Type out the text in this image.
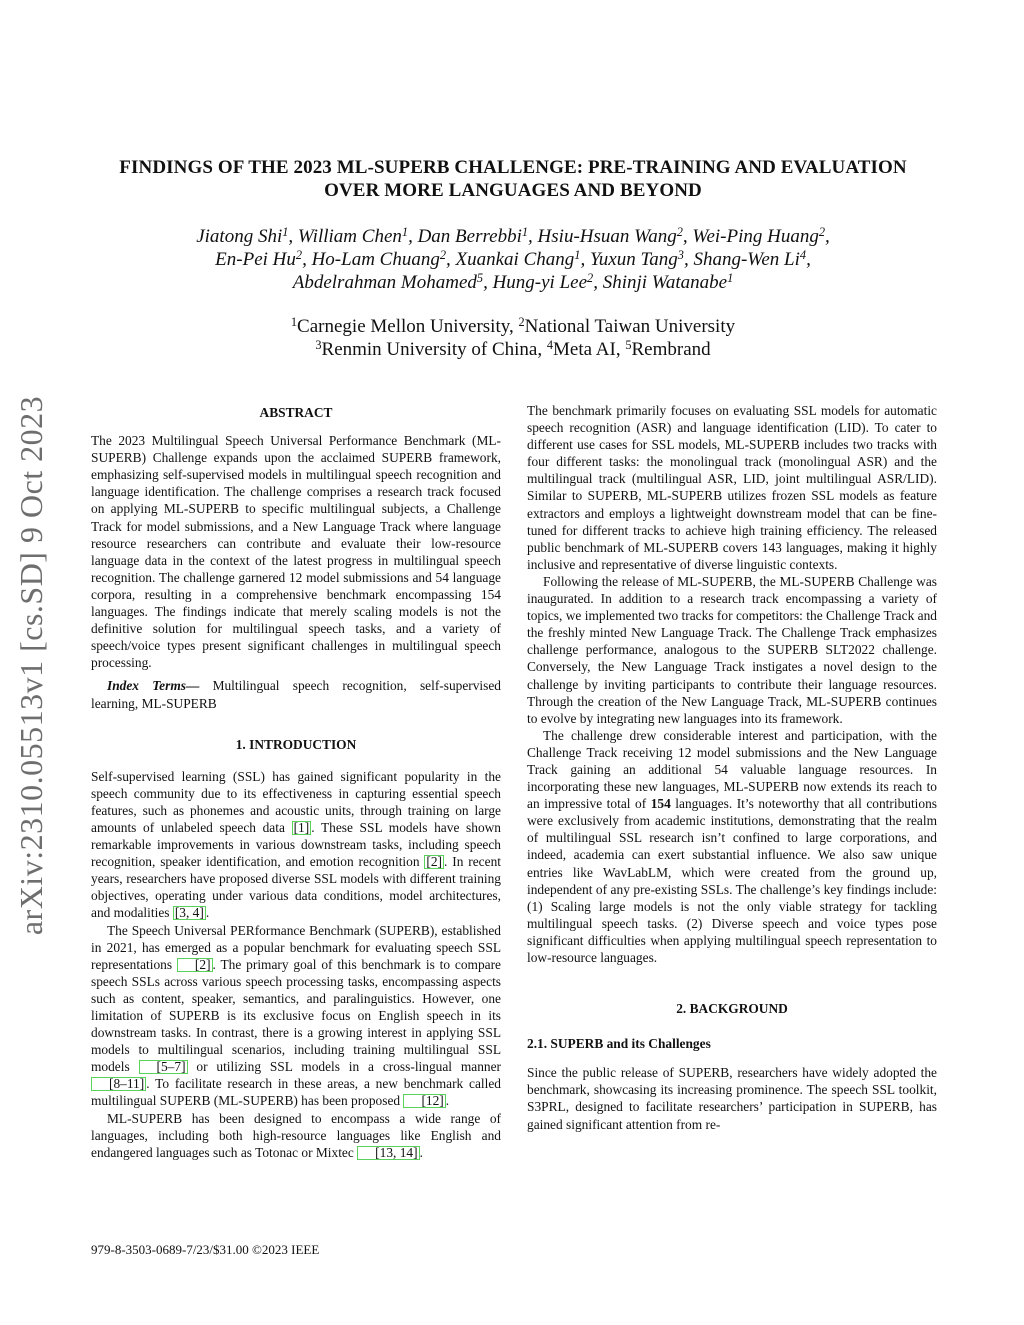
arXiv:2310.05513v1 [cs.SD] 9 Oct 2023
FINDINGS OF THE 2023 ML-SUPERB CHALLENGE: PRE-TRAINING AND EVALUATION
OVER MORE LANGUAGES AND BEYOND
Jiatong Shi$^1$, William Chen$^1$, Dan Berrebbi$^1$, Hsiu-Hsuan Wang$^2$, Wei-Ping Huang$^2$,
En-Pei Hu$^2$, Ho-Lam Chuang$^2$, Xuankai Chang$^1$, Yuxun Tang$^3$, Shang-Wen Li$^4$,
Abdelrahman Mohamed$^5$, Hung-yi Lee$^2$, Shinji Watanabe$^1$
$^1$Carnegie Mellon University, $^2$National Taiwan University
$^3$Renmin University of China, $^4$Meta AI, $^5$Rembrand
ABSTRACT

The 2023 Multilingual Speech Universal Performance Benchmark (ML-SUPERB) Challenge expands upon the acclaimed SUPERB framework, emphasizing self-supervised models in multilingual speech recognition and language identification. The challenge comprises a research track focused on applying ML-SUPERB to specific multilingual subjects, a Challenge Track for model submissions, and a New Language Track where language resource researchers can contribute and evaluate their low-resource language data in the context of the latest progress in multilingual speech recognition. The challenge garnered 12 model submissions and 54 language corpora, resulting in a comprehensive benchmark encompassing 154 languages. The findings indicate that merely scaling models is not the definitive solution for multilingual speech tasks, and a variety of speech/voice types present significant challenges in multilingual speech processing.

Index Terms— Multilingual speech recognition, self-supervised learning, ML-SUPERB

1. INTRODUCTION

Self-supervised learning (SSL) has gained significant popularity in the speech community due to its effectiveness in capturing essential speech features, such as phonemes and acoustic units, through training on large amounts of unlabeled speech data [1] . These SSL models have shown remarkable improvements in various downstream tasks, including speech recognition, speaker identification, and emotion recognition [2] . In recent years, researchers have proposed diverse SSL models with different training objectives, operating under various data conditions, model architectures, and modalities [3, 4] .

The Speech Universal PERformance Benchmark (SUPERB), established in 2021, has emerged as a popular benchmark for evaluating speech SSL representations [2] . The primary goal of this benchmark is to compare speech SSLs across various speech processing tasks, encompassing aspects such as content, speaker, semantics, and paralinguistics. However, one limitation of SUPERB is its exclusive focus on English speech in its downstream tasks. In contrast, there is a growing interest in applying SSL models to multilingual scenarios, including training multilingual SSL models [5–7] or utilizing SSL models in a cross-lingual manner [8–11] . To facilitate research in these areas, a new benchmark called multilingual SUPERB (ML-SUPERB) has been proposed [12] .

ML-SUPERB has been designed to encompass a wide range of languages, including both high-resource languages like English and endangered languages such as Totonac or Mixtec [13, 14] .

The benchmark primarily focuses on evaluating SSL models for automatic speech recognition (ASR) and language identification (LID). To cater to different use cases for SSL models, ML-SUPERB includes two tracks with four different tasks: the monolingual track (monolingual ASR) and the multilingual track (multilingual ASR, LID, joint multilingual ASR/LID). Similar to SUPERB, ML-SUPERB utilizes frozen SSL models as feature extractors and employs a lightweight downstream model that can be fine-tuned for different tracks to achieve high training efficiency. The released public benchmark of ML-SUPERB covers 143 languages, making it highly inclusive and representative of diverse linguistic contexts.

Following the release of ML-SUPERB, the ML-SUPERB Challenge was inaugurated. In addition to a research track encompassing a variety of topics, we implemented two tracks for competitors: the Challenge Track and the freshly minted New Language Track. The Challenge Track emphasizes challenge performance, analogous to the SUPERB SLT2022 challenge. Conversely, the New Language Track instigates a novel design to the challenge by inviting participants to contribute their language resources. Through the creation of the New Language Track, ML-SUPERB continues to evolve by integrating new languages into its framework.

The challenge drew considerable interest and participation, with the Challenge Track receiving 12 model submissions and the New Language Track gaining an additional 54 valuable language resources. In incorporating these new languages, ML-SUPERB now extends its reach to an impressive total of 154 languages. It’s noteworthy that all contributions were exclusively from academic institutions, demonstrating that the realm of multilingual SSL research isn’t confined to large corporations, and indeed, academia can exert substantial influence. We also saw unique entries like WavLabLM, which were created from the ground up, independent of any pre-existing SSLs. The challenge’s key findings include: (1) Scaling large models is not the only viable strategy for tackling multilingual speech tasks. (2) Diverse speech and voice types pose significant difficulties when applying multilingual speech representation to low-resource languages.

2. BACKGROUND
2.1. SUPERB and its Challenges

Since the public release of SUPERB, researchers have widely adopted the benchmark, showcasing its increasing prominence. The speech SSL toolkit, S3PRL, designed to facilitate researchers’ participation in SUPERB, has gained significant attention from re-

979-8-3503-0689-7/23/$31.00 ©2023 IEEE
